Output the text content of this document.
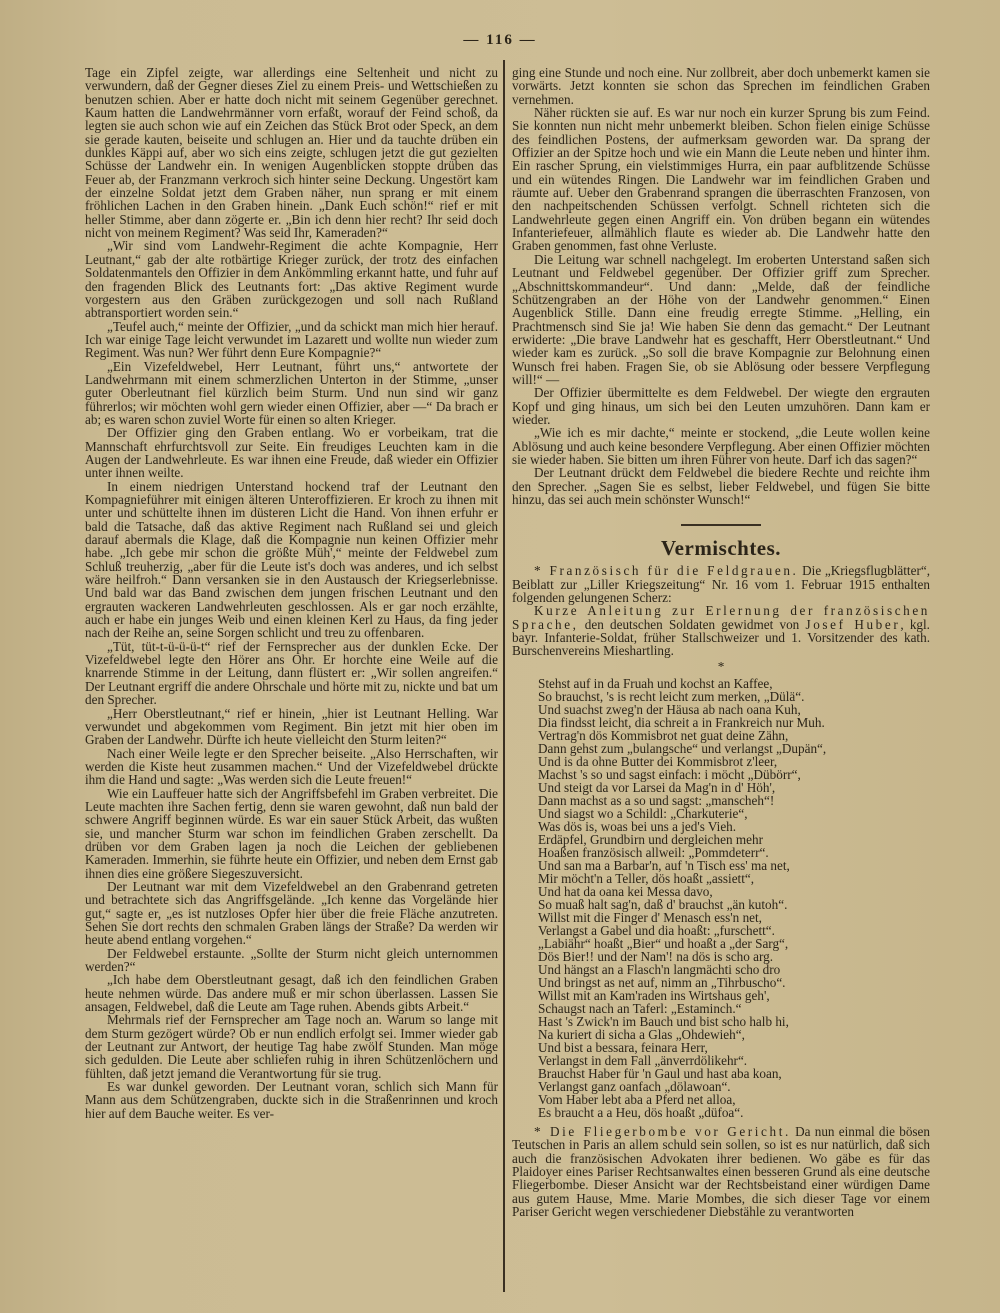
— 116 —

Tage ein Zipfel zeigte, war allerdings eine Seltenheit und nicht zu verwundern, daß der Gegner dieses Ziel zu einem Preis- und Wettschießen zu benutzen schien. Aber er hatte doch nicht mit seinem Gegenüber gerechnet. Kaum hatten die Landwehrmänner vorn erfaßt, worauf der Feind schoß, da legten sie auch schon wie auf ein Zeichen das Stück Brot oder Speck, an dem sie gerade kauten, beiseite und schlugen an. Hier und da tauchte drüben ein dunkles Käppi auf, aber wo sich eins zeigte, schlugen jetzt die gut gezielten Schüsse der Landwehr ein. In wenigen Augenblicken stoppte drüben das Feuer ab, der Franzmann verkroch sich hinter seine Deckung. Ungestört kam der einzelne Soldat jetzt dem Graben näher, nun sprang er mit einem fröhlichen Lachen in den Graben hinein. „Dank Euch schön!“ rief er mit heller Stimme, aber dann zögerte er. „Bin ich denn hier recht? Ihr seid doch nicht von meinem Regiment? Was seid Ihr, Kameraden?“

„Wir sind vom Landwehr-Regiment die achte Kompagnie, Herr Leutnant,“ gab der alte rotbärtige Krieger zurück, der trotz des einfachen Soldatenmantels den Offizier in dem Ankömmling erkannt hatte, und fuhr auf den fragenden Blick des Leutnants fort: „Das aktive Regiment wurde vorgestern aus den Gräben zurückgezogen und soll nach Rußland abtransportiert worden sein.“

„Teufel auch,“ meinte der Offizier, „und da schickt man mich hier herauf. Ich war einige Tage leicht verwundet im Lazarett und wollte nun wieder zum Regiment. Was nun? Wer führt denn Eure Kompagnie?“

„Ein Vizefeldwebel, Herr Leutnant, führt uns,“ antwortete der Landwehrmann mit einem schmerzlichen Unterton in der Stimme, „unser guter Oberleutnant fiel kürzlich beim Sturm. Und nun sind wir ganz führerlos; wir möchten wohl gern wieder einen Offizier, aber —“ Da brach er ab; es waren schon zuviel Worte für einen so alten Krieger.

Der Offizier ging den Graben entlang. Wo er vorbeikam, trat die Mannschaft ehrfurchtsvoll zur Seite. Ein freudiges Leuchten kam in die Augen der Landwehrleute. Es war ihnen eine Freude, daß wieder ein Offizier unter ihnen weilte.

In einem niedrigen Unterstand hockend traf der Leutnant den Kompagnieführer mit einigen älteren Unteroffizieren. Er kroch zu ihnen mit unter und schüttelte ihnen im düsteren Licht die Hand. Von ihnen erfuhr er bald die Tatsache, daß das aktive Regiment nach Rußland sei und gleich darauf abermals die Klage, daß die Kompagnie nun keinen Offizier mehr habe. „Ich gebe mir schon die größte Müh',“ meinte der Feldwebel zum Schluß treuherzig, „aber für die Leute ist's doch was anderes, und ich selbst wäre heilfroh.“ Dann versanken sie in den Austausch der Kriegserlebnisse. Und bald war das Band zwischen dem jungen frischen Leutnant und den ergrauten wackeren Landwehrleuten geschlossen. Als er gar noch erzählte, auch er habe ein junges Weib und einen kleinen Kerl zu Haus, da fing jeder nach der Reihe an, seine Sorgen schlicht und treu zu offenbaren.

„Tüt, tüt-t-ü-ü-ü-t“ rief der Fernsprecher aus der dunklen Ecke. Der Vizefeldwebel legte den Hörer ans Ohr. Er horchte eine Weile auf die knarrende Stimme in der Leitung, dann flüstert er: „Wir sollen angreifen.“ Der Leutnant ergriff die andere Ohrschale und hörte mit zu, nickte und bat um den Sprecher.

„Herr Oberstleutnant,“ rief er hinein, „hier ist Leutnant Helling. War verwundet und abgekommen vom Regiment. Bin jetzt mit hier oben im Graben der Landwehr. Dürfte ich heute vielleicht den Sturm leiten?“

Nach einer Weile legte er den Sprecher beiseite. „Also Herrschaften, wir werden die Kiste heut zusammen machen.“ Und der Vizefeldwebel drückte ihm die Hand und sagte: „Was werden sich die Leute freuen!“

Wie ein Lauffeuer hatte sich der Angriffsbefehl im Graben verbreitet. Die Leute machten ihre Sachen fertig, denn sie waren gewohnt, daß nun bald der schwere Angriff beginnen würde. Es war ein sauer Stück Arbeit, das wußten sie, und mancher Sturm war schon im feindlichen Graben zerschellt. Da drüben vor dem Graben lagen ja noch die Leichen der gebliebenen Kameraden. Immerhin, sie führte heute ein Offizier, und neben dem Ernst gab ihnen dies eine größere Siegeszuversicht.

Der Leutnant war mit dem Vizefeldwebel an den Grabenrand getreten und betrachtete sich das Angriffsgelände. „Ich kenne das Vorgelände hier gut,“ sagte er, „es ist nutzloses Opfer hier über die freie Fläche anzutreten. Sehen Sie dort rechts den schmalen Graben längs der Straße? Da werden wir heute abend entlang vorgehen.“

Der Feldwebel erstaunte. „Sollte der Sturm nicht gleich unternommen werden?“

„Ich habe dem Oberstleutnant gesagt, daß ich den feindlichen Graben heute nehmen würde. Das andere muß er mir schon überlassen. Lassen Sie ansagen, Feldwebel, daß die Leute am Tage ruhen. Abends gibts Arbeit.“

Mehrmals rief der Fernsprecher am Tage noch an. Warum so lange mit dem Sturm gezögert würde? Ob er nun endlich erfolgt sei. Immer wieder gab der Leutnant zur Antwort, der heutige Tag habe zwölf Stunden. Man möge sich gedulden. Die Leute aber schliefen ruhig in ihren Schützenlöchern und fühlten, daß jetzt jemand die Verantwortung für sie trug.

Es war dunkel geworden. Der Leutnant voran, schlich sich Mann für Mann aus dem Schützengraben, duckte sich in die Straßenrinnen und kroch hier auf dem Bauche weiter. Es ver-

ging eine Stunde und noch eine. Nur zollbreit, aber doch unbemerkt kamen sie vorwärts. Jetzt konnten sie schon das Sprechen im feindlichen Graben vernehmen.

Näher rückten sie auf. Es war nur noch ein kurzer Sprung bis zum Feind. Sie konnten nun nicht mehr unbemerkt bleiben. Schon fielen einige Schüsse des feindlichen Postens, der aufmerksam geworden war. Da sprang der Offizier an der Spitze hoch und wie ein Mann die Leute neben und hinter ihm. Ein rascher Sprung, ein vielstimmiges Hurra, ein paar aufblitzende Schüsse und ein wütendes Ringen. Die Landwehr war im feindlichen Graben und räumte auf. Ueber den Grabenrand sprangen die überraschten Franzosen, von den nachpeitschenden Schüssen verfolgt. Schnell richteten sich die Landwehrleute gegen einen Angriff ein. Von drüben begann ein wütendes Infanteriefeuer, allmählich flaute es wieder ab. Die Landwehr hatte den Graben genommen, fast ohne Verluste.

Die Leitung war schnell nachgelegt. Im eroberten Unterstand saßen sich Leutnant und Feldwebel gegenüber. Der Offizier griff zum Sprecher. „Abschnittskommandeur“. Und dann: „Melde, daß der feindliche Schützengraben an der Höhe von der Landwehr genommen.“ Einen Augenblick Stille. Dann eine freudig erregte Stimme. „Helling, ein Prachtmensch sind Sie ja! Wie haben Sie denn das gemacht.“ Der Leutnant erwiderte: „Die brave Landwehr hat es geschafft, Herr Oberstleutnant.“ Und wieder kam es zurück. „So soll die brave Kompagnie zur Belohnung einen Wunsch frei haben. Fragen Sie, ob sie Ablösung oder bessere Verpflegung will!“ —

Der Offizier übermittelte es dem Feldwebel. Der wiegte den ergrauten Kopf und ging hinaus, um sich bei den Leuten umzuhören. Dann kam er wieder.

„Wie ich es mir dachte,“ meinte er stockend, „die Leute wollen keine Ablösung und auch keine besondere Verpflegung. Aber einen Offizier möchten sie wieder haben. Sie bitten um ihren Führer von heute. Darf ich das sagen?“

Der Leutnant drückt dem Feldwebel die biedere Rechte und reichte ihm den Sprecher. „Sagen Sie es selbst, lieber Feldwebel, und fügen Sie bitte hinzu, das sei auch mein schönster Wunsch!“

Vermischtes.

* Französisch für die Feldgrauen. Die „Kriegsflugblätter“, Beiblatt zur „Liller Kriegszeitung“ Nr. 16 vom 1. Februar 1915 enthalten folgenden gelungenen Scherz:

Kurze Anleitung zur Erlernung der französischen Sprache, den deutschen Soldaten gewidmet von Josef Huber, kgl. bayr. Infanterie-Soldat, früher Stallschweizer und 1. Vorsitzender des kath. Burschenvereins Mieshartling.

*
Stehst auf in da Fruah und kochst an Kaffee,
So brauchst, 's is recht leicht zum merken, „Dülä“.
Und suachst zweg'n der Häusa ab nach oana Kuh,
Dia findsst leicht, dia schreit a in Frankreich nur Muh.
Vertrag'n dös Kommisbrot net guat deine Zähn,
Dann gehst zum „bulangsche“ und verlangst „Dupän“,
Und is da ohne Butter dei Kommisbrot z'leer,
Machst 's so und sagst einfach: i möcht „Dübörr“,
Und steigt da vor Larsei da Mag'n in d' Höh',
Dann machst as a so und sagst: „manscheh“!
Und siagst wo a Schildl: „Charkuterie“,
Was dös is, woas bei uns a jed's Vieh.
Erdäpfel, Grundbirn und dergleichen mehr
Hoaßen französisch allweil: „Pommdeterr“.
Und san ma a Barbar'n, auf 'n Tisch ess' ma net,
Mir möcht'n a Teller, dös hoaßt „assiett“,
Und hat da oana kei Messa davo,
So muaß halt sag'n, daß d' brauchst „än kutoh“.
Willst mit die Finger d' Menasch ess'n net,
Verlangst a Gabel und dia hoaßt: „furschett“.
„Labiähr“ hoaßt „Bier“ und hoaßt a „der Sarg“,
Dös Bier!! und der Nam'! na dös is scho arg.
Und hängst an a Flasch'n langmächti scho dro
Und bringst as net auf, nimm an „Tihrbuscho“.
Willst mit an Kam'raden ins Wirtshaus geh',
Schaugst nach an Taferl: „Estaminch.“
Hast 's Zwick'n im Bauch und bist scho halb hi,
Na kuriert di sicha a Glas „Ohdewieh“,
Und bist a bessara, feinara Herr,
Verlangst in dem Fall „änverrdölikehr“.
Brauchst Haber für 'n Gaul und hast aba koan,
Verlangst ganz oanfach „dölawoan“.
Vom Haber lebt aba a Pferd net alloa,
Es braucht a a Heu, dös hoaßt „düfoa“.

* Die Fliegerbombe vor Gericht. Da nun einmal die bösen Teutschen in Paris an allem schuld sein sollen, so ist es nur natürlich, daß sich auch die französischen Advokaten ihrer bedienen. Wo gäbe es für das Plaidoyer eines Pariser Rechtsanwaltes einen besseren Grund als eine deutsche Fliegerbombe. Dieser Ansicht war der Rechtsbeistand einer würdigen Dame aus gutem Hause, Mme. Marie Mombes, die sich dieser Tage vor einem Pariser Gericht wegen verschiedener Diebstähle zu verantworten
